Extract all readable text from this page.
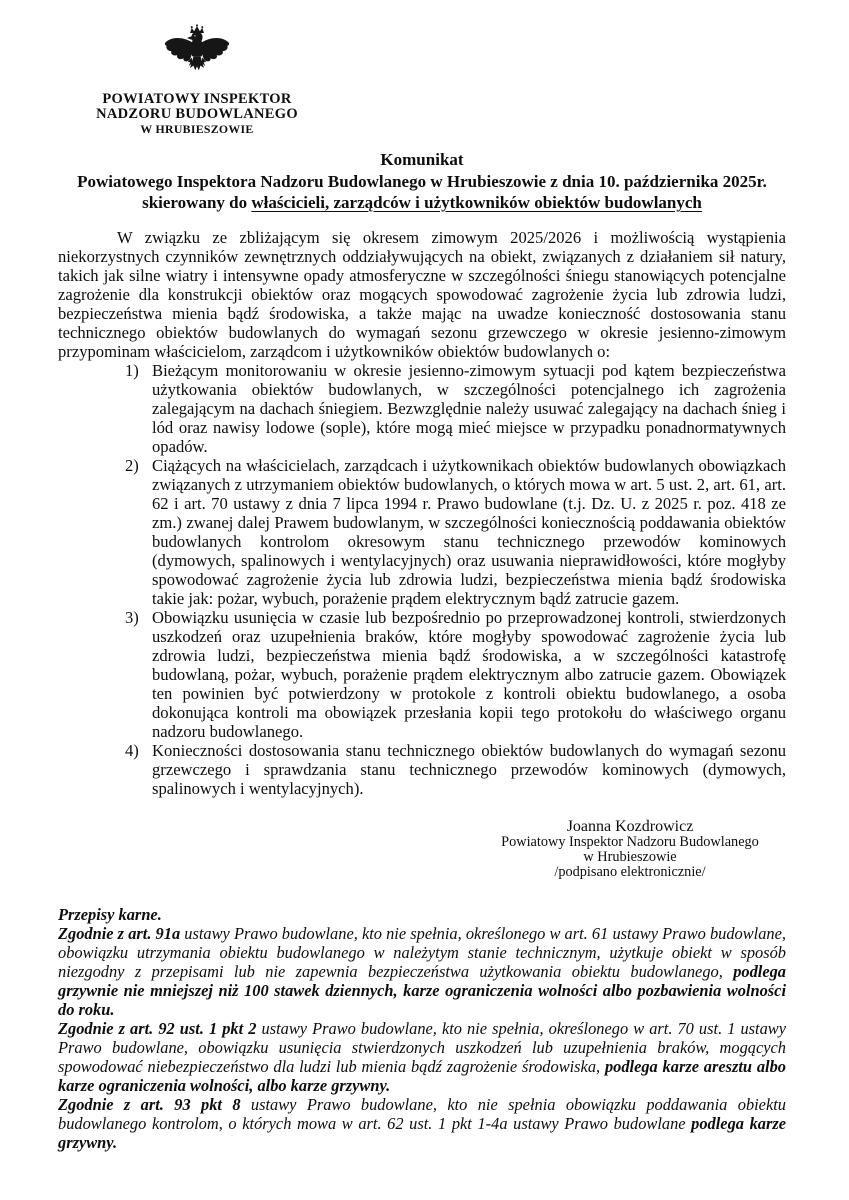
POWIATOWY INSPEKTOR
NADZORU BUDOWLANEGO
W HRUBIESZOWIE
Komunikat
Powiatowego Inspektora Nadzoru Budowlanego w Hrubieszowie z dnia 10. października 2025r.
skierowany do właścicieli, zarządców i użytkowników obiektów budowlanych

W związku ze zbliżającym się okresem zimowym 2025/2026 i możliwością wystąpienia niekorzystnych czynników zewnętrznych oddziaływujących na obiekt, związanych z działaniem sił natury, takich jak silne wiatry i intensywne opady atmosferyczne w szczególności śniegu stanowiących potencjalne zagrożenie dla konstrukcji obiektów oraz mogących spowodować zagrożenie życia lub zdrowia ludzi, bezpieczeństwa mienia bądź środowiska, a także mając na uwadze konieczność dostosowania stanu technicznego obiektów budowlanych do wymagań sezonu grzewczego w okresie jesienno-zimowym przypominam właścicielom, zarządcom i użytkowników obiektów budowlanych o:

1) Bieżącym monitorowaniu w okresie jesienno-zimowym sytuacji pod kątem bezpieczeństwa użytkowania obiektów budowlanych, w szczególności potencjalnego ich zagrożenia zalegającym na dachach śniegiem. Bezwzględnie należy usuwać zalegający na dachach śnieg i lód oraz nawisy lodowe (sople), które mogą mieć miejsce w przypadku ponadnormatywnych opadów.
2) Ciążących na właścicielach, zarządcach i użytkownikach obiektów budowlanych obowiązkach związanych z utrzymaniem obiektów budowlanych, o których mowa w art. 5 ust. 2, art. 61, art. 62 i art. 70 ustawy z dnia 7 lipca 1994 r. Prawo budowlane (t.j. Dz. U. z 2025 r. poz. 418 ze zm.) zwanej dalej Prawem budowlanym, w szczególności koniecznością poddawania obiektów budowlanych kontrolom okresowym stanu technicznego przewodów kominowych (dymowych, spalinowych i wentylacyjnych) oraz usuwania nieprawidłowości, które mogłyby spowodować zagrożenie życia lub zdrowia ludzi, bezpieczeństwa mienia bądź środowiska takie jak: pożar, wybuch, porażenie prądem elektrycznym bądź zatrucie gazem.
3) Obowiązku usunięcia w czasie lub bezpośrednio po przeprowadzonej kontroli, stwierdzonych uszkodzeń oraz uzupełnienia braków, które mogłyby spowodować zagrożenie życia lub zdrowia ludzi, bezpieczeństwa mienia bądź środowiska, a w szczególności katastrofę budowlaną, pożar, wybuch, porażenie prądem elektrycznym albo zatrucie gazem. Obowiązek ten powinien być potwierdzony w protokole z kontroli obiektu budowlanego, a osoba dokonująca kontroli ma obowiązek przesłania kopii tego protokołu do właściwego organu nadzoru budowlanego.
4) Konieczności dostosowania stanu technicznego obiektów budowlanych do wymagań sezonu grzewczego i sprawdzania stanu technicznego przewodów kominowych (dymowych, spalinowych i wentylacyjnych).
Joanna Kozdrowicz
Powiatowy Inspektor Nadzoru Budowlanego
w Hrubieszowie
/podpisano elektronicznie/
Przepisy karne.

Zgodnie z art. 91a ustawy Prawo budowlane, kto nie spełnia, określonego w art. 61 ustawy Prawo budowlane, obowiązku utrzymania obiektu budowlanego w należytym stanie technicznym, użytkuje obiekt w sposób niezgodny z przepisami lub nie zapewnia bezpieczeństwa użytkowania obiektu budowlanego, podlega grzywnie nie mniejszej niż 100 stawek dziennych, karze ograniczenia wolności albo pozbawienia wolności do roku.

Zgodnie z art. 92 ust. 1 pkt 2 ustawy Prawo budowlane, kto nie spełnia, określonego w art. 70 ust. 1 ustawy Prawo budowlane, obowiązku usunięcia stwierdzonych uszkodzeń lub uzupełnienia braków, mogących spowodować niebezpieczeństwo dla ludzi lub mienia bądź zagrożenie środowiska, podlega karze aresztu albo karze ograniczenia wolności, albo karze grzywny.

Zgodnie z art. 93 pkt 8 ustawy Prawo budowlane, kto nie spełnia obowiązku poddawania obiektu budowlanego kontrolom, o których mowa w art. 62 ust. 1 pkt 1-4a ustawy Prawo budowlane podlega karze grzywny.
